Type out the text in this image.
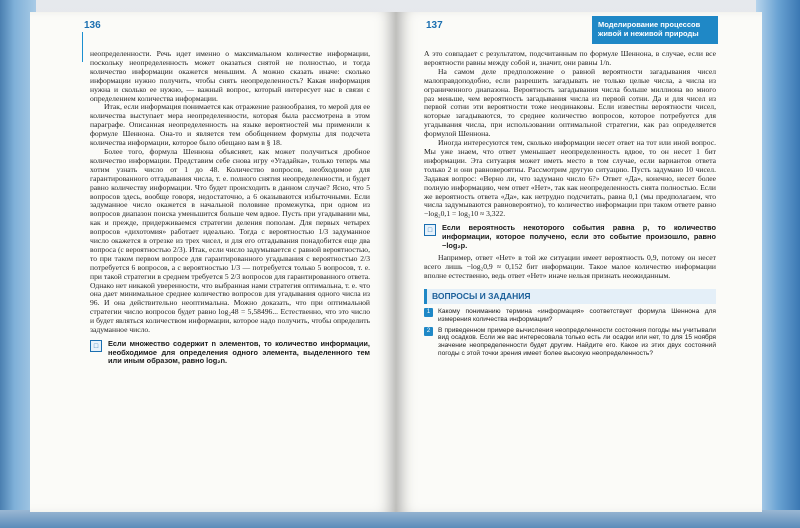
136

неопределенности. Речь идет именно о максимальном количестве информации, поскольку неопределенность может оказаться снятой не полностью, и тогда количество информации окажется меньшим. А можно сказать иначе: сколько информации нужно получить, чтобы снять неопределенность? Какая информация нужна и сколько ее нужно, — важный вопрос, который интересует нас в связи с определением количества информации.

Итак, если информация понимается как отражение разнообразия, то мерой для ее количества выступает мера неопределенности, которая была рассмотрена в этом параграфе. Описанная неопределенность на языке вероятностей мы применили к формуле Шеннона. Она-то и является тем обобщением формулы для подсчета количества информации, которое было обещано вам в § 18.

Более того, формула Шеннона объясняет, как может получиться дробное количество информации. Представим себе снова игру «Угадайка», только теперь мы хотим узнать число от 1 до 48. Количество вопросов, необходимое для гарантированного отгадывания числа, т. е. полного снятия неопределенности, и будет равно количеству информации. Что будет происходить в данном случае? Ясно, что 5 вопросов здесь, вообще говоря, недостаточно, а 6 оказываются избыточными. Если задуманное число окажется в начальной половине промежутка, при одном из вопросов диапазон поиска уменьшится больше чем вдвое. Пусть при угадывании мы, как и прежде, придерживаемся стратегии деления пополам. Для первых четырех вопросов «дихотомия» работает идеально. Тогда с вероятностью 1/3 задуманное число окажется в отрезке из трех чисел, и для его отгадывания понадобится еще два вопроса (с вероятностью 2/3). Итак, если число задумывается с равной вероятностью, то при таком первом вопросе для гарантированного угадывания с вероятностью 2/3 потребуется 6 вопросов, а с вероятностью 1/3 — потребуется только 5 вопросов, т. е. при такой стратегии в среднем требуется 5 2/3 вопросов для гарантированного ответа. Однако нет никакой уверенности, что выбранная нами стратегия оптимальна, т. е. что она дает минимальное среднее количество вопросов для угадывания одного числа из 96. И она действительно неоптимальна. Можно доказать, что при оптимальной стратегии число вопросов будет равно log₂48 = 5,58496... Естественно, что это число и будет являться количеством информации, которое надо получить, чтобы определить задуманное число.

□	Если множество содержит n элементов, то количество информации, необходимое для определения одного элемента, выделенного тем или иным образом, равно log₂n.
137	Моделирование процессов живой и неживой природы

А это совпадает с результатом, подсчитанным по формуле Шеннона, в случае, если все вероятности равны между собой и, значит, они равны 1/n.

На самом деле предположение о равной вероятности загадывания чисел малоправдоподобно, если разрешить загадывать не только целые числа, а числа из ограниченного диапазона. Вероятность загадывания числа больше миллиона во много раз меньше, чем вероятность загадывания числа из первой сотни. Да и для чисел из первой сотни эти вероятности тоже неодинаковы. Если известны вероятности чисел, которые загадываются, то среднее количество вопросов, которое потребуется для угадывания числа, при использовании оптимальной стратегии, как раз определяется формулой Шеннона.

Иногда интересуются тем, сколько информации несет ответ на тот или иной вопрос. Мы уже знаем, что ответ уменьшает неопределенность вдвое, то он несет 1 бит информации. Эта ситуация может иметь место в том случае, если вариантов ответа только 2 и они равновероятны. Рассмотрим другую ситуацию. Пусть задумано 10 чисел. Задавая вопрос: «Верно ли, что задумано число 6?» Ответ «Да», конечно, несет более полную информацию, чем ответ «Нет», так как неопределенность снята полностью. Если же вероятность ответа «Да», как нетрудно подсчитать, равна 0,1 (мы предполагаем, что числа задумываются равновероятно), то количество информации при таком ответе равно −log₂0,1 = log₂10 ≈ 3,322.

□	Если вероятность некоторого события равна p, то количество информации, которое получено, если это событие произошло, равно −log₂p.

Например, ответ «Нет» в той же ситуации имеет вероятность 0,9, потому он несет всего лишь −log₂0,9 ≈ 0,152 бит информации. Такое малое количество информации вполне естественно, ведь ответ «Нет» иначе нельзя признать неожиданным.

ВОПРОСЫ И ЗАДАНИЯ
1	Какому пониманию термина «информация» соответствует формула Шеннона для измерения количества информации?
2	В приведенном примере вычисления неопределенности состояния погоды мы учитывали вид осадков. Если же вас интересовала только есть ли осадки или нет, то для 15 ноября значение неопределенности будет другим. Найдите его. Какое из этих двух состояний погоды с этой точки зрения имеет более высокую неопределенность?
